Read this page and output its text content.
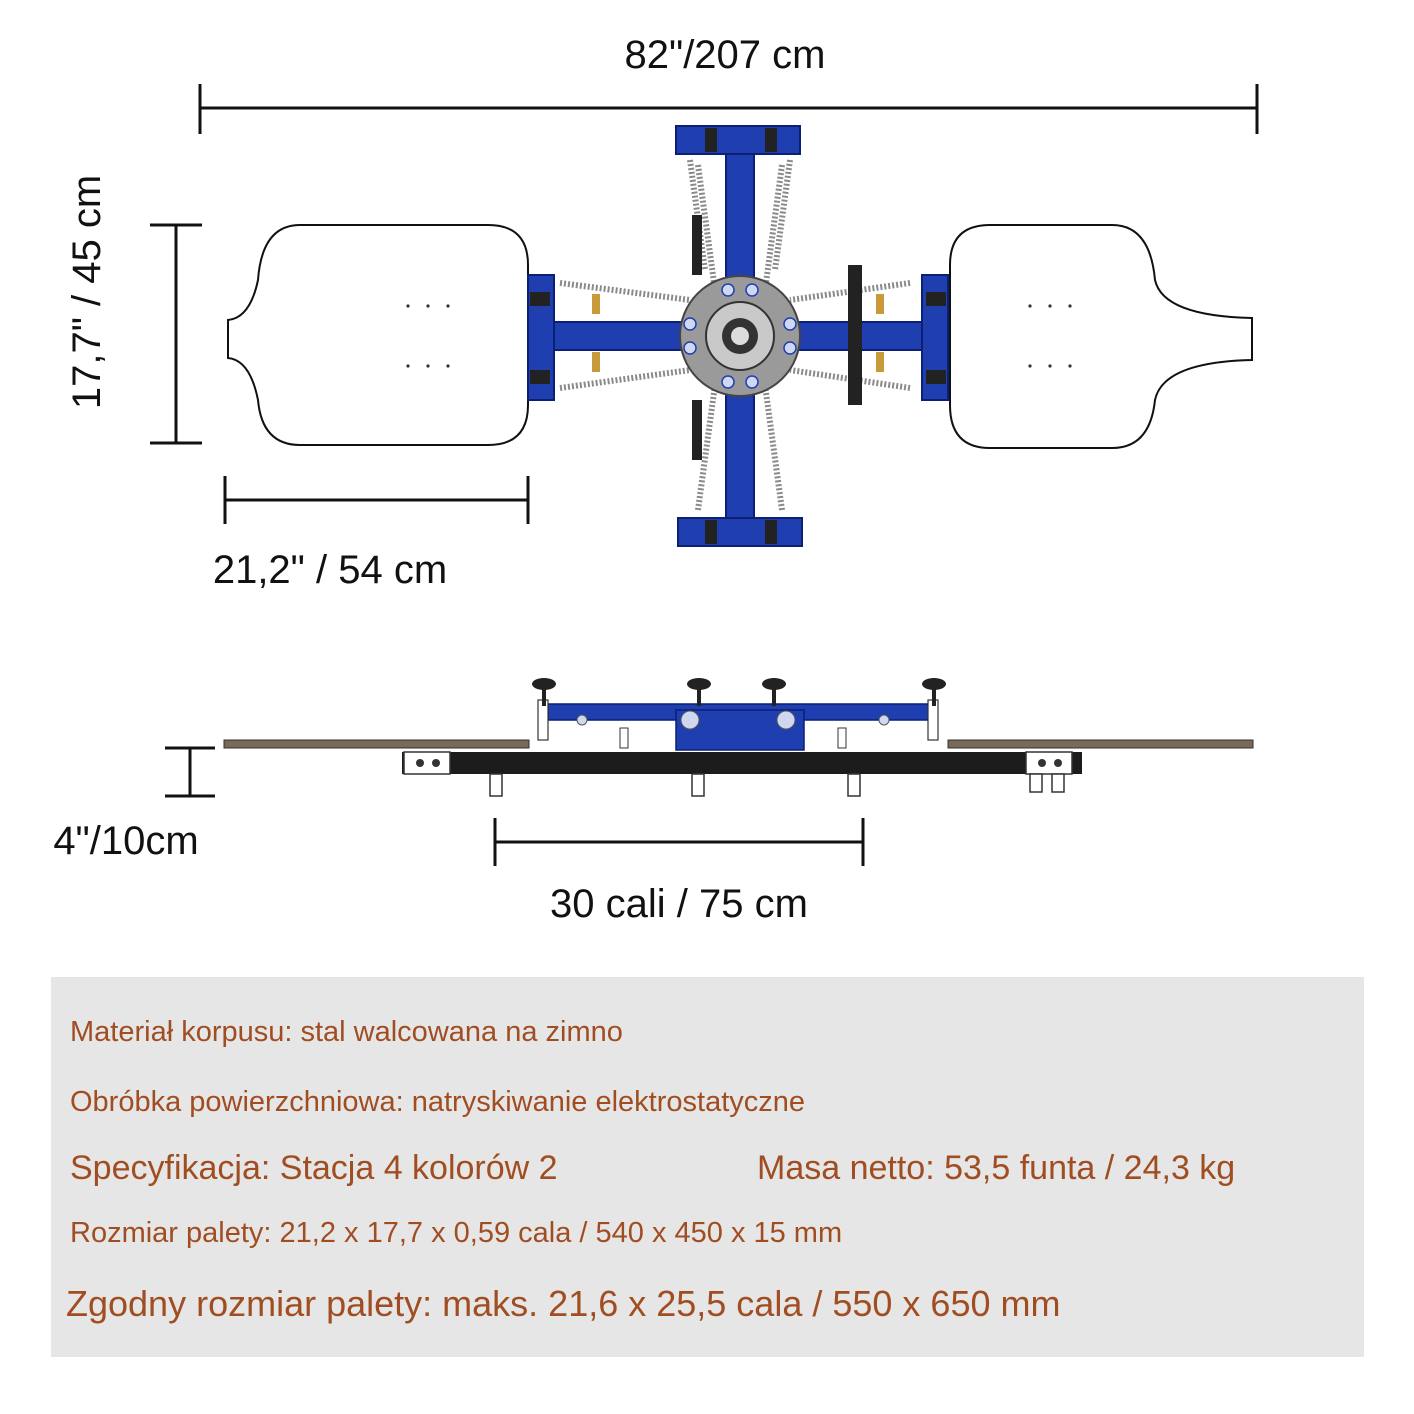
82"/207 cm
17,7" / 45 cm
21,2" / 54 cm
4"/10cm
30 cali / 75 cm

Materiał korpusu: stal walcowana na zimno

Obróbka powierzchniowa: natryskiwanie elektrostatyczne

Specyfikacja: Stacja 4 kolorów 2	Masa netto: 53,5 funta / 24,3 kg

Rozmiar palety: 21,2 x 17,7 x 0,59 cala / 540 x 450 x 15 mm

Zgodny rozmiar palety: maks. 21,6 x 25,5 cala / 550 x 650 mm
